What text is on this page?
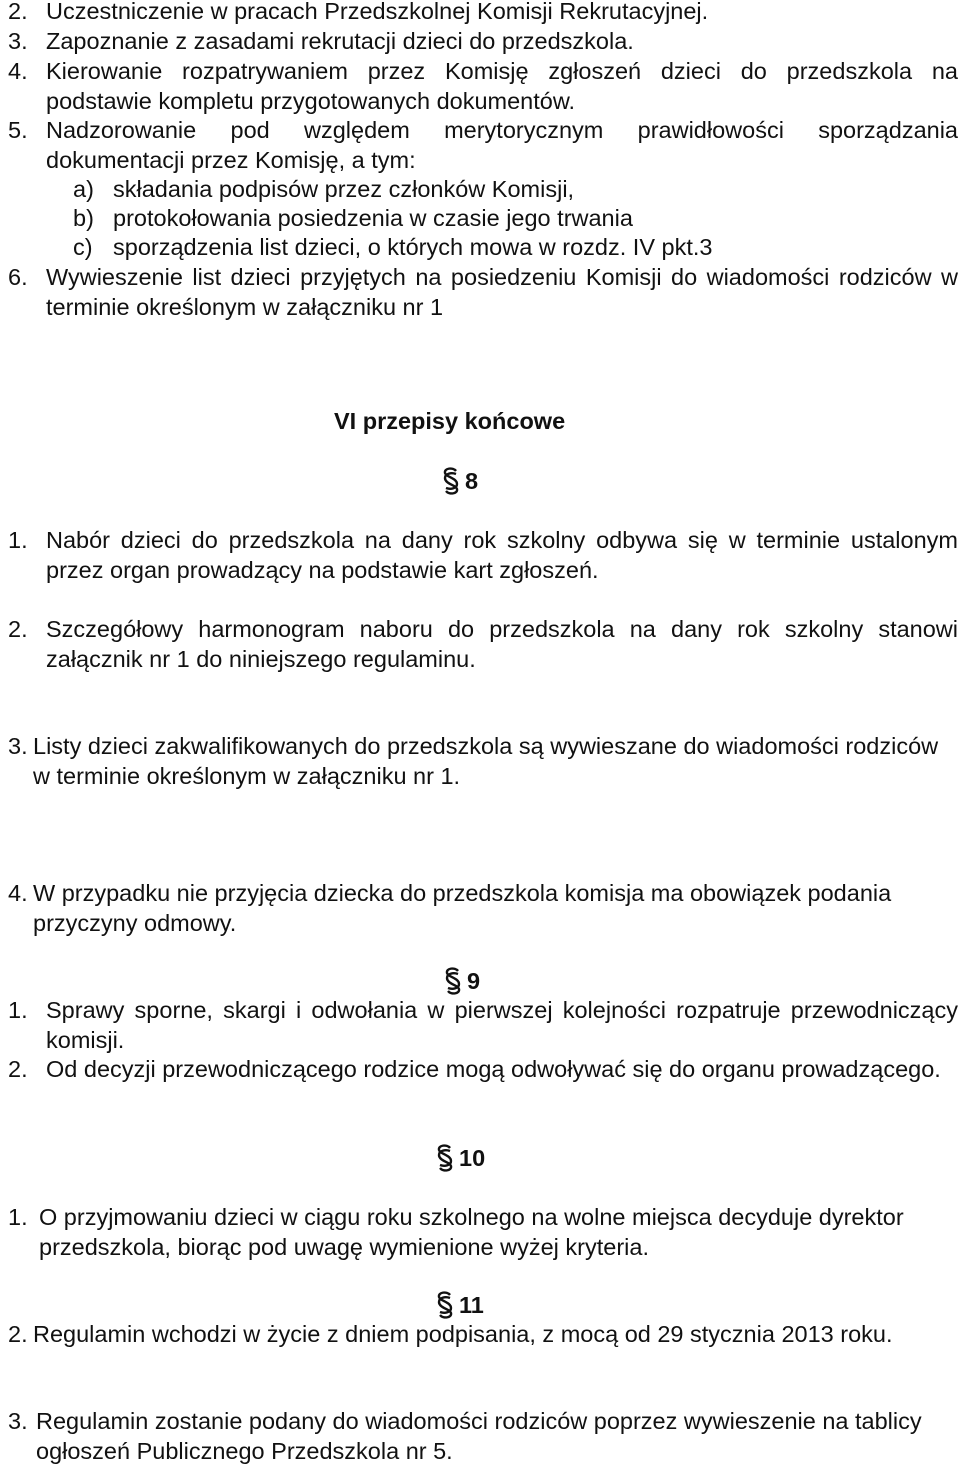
2. Uczestniczenie w pracach Przedszkolnej Komisji Rekrutacyjnej.
3. Zapoznanie z zasadami rekrutacji dzieci do przedszkola.
4. Kierowanie rozpatrywaniem przez Komisję zgłoszeń dzieci do przedszkola na podstawie kompletu przygotowanych dokumentów.
5. Nadzorowanie pod względem merytorycznym prawidłowości sporządzania dokumentacji przez Komisję, a tym:
a) składania podpisów przez członków Komisji,
b) protokołowania posiedzenia w czasie jego trwania
c) sporządzenia list dzieci, o których mowa w rozdz. IV pkt.3
6. Wywieszenie list dzieci przyjętych na posiedzeniu Komisji do wiadomości rodziców w terminie określonym w załączniku nr 1
VI przepisy końcowe
8
1. Nabór dzieci do przedszkola na dany rok szkolny odbywa się w terminie ustalonym przez organ prowadzący na podstawie kart zgłoszeń.
2. Szczegółowy harmonogram naboru do przedszkola na dany rok szkolny stanowi załącznik nr 1 do niniejszego regulaminu.
3. Listy dzieci zakwalifikowanych do przedszkola są wywieszane do wiadomości rodziców w terminie określonym w załączniku nr 1.
4. W przypadku nie przyjęcia dziecka do przedszkola komisja ma obowiązek podania przyczyny odmowy.
9
1. Sprawy sporne, skargi i odwołania w pierwszej kolejności rozpatruje przewodniczący komisji.
2. Od decyzji przewodniczącego rodzice mogą odwoływać się do organu prowadzącego.
10
1. O przyjmowaniu dzieci w ciągu roku szkolnego na wolne miejsca decyduje dyrektor przedszkola, biorąc pod uwagę wymienione wyżej kryteria.
11
2. Regulamin wchodzi w życie z dniem podpisania, z mocą od 29 stycznia 2013 roku.
3. Regulamin zostanie podany do wiadomości rodziców poprzez wywieszenie na tablicy ogłoszeń Publicznego Przedszkola nr 5.
